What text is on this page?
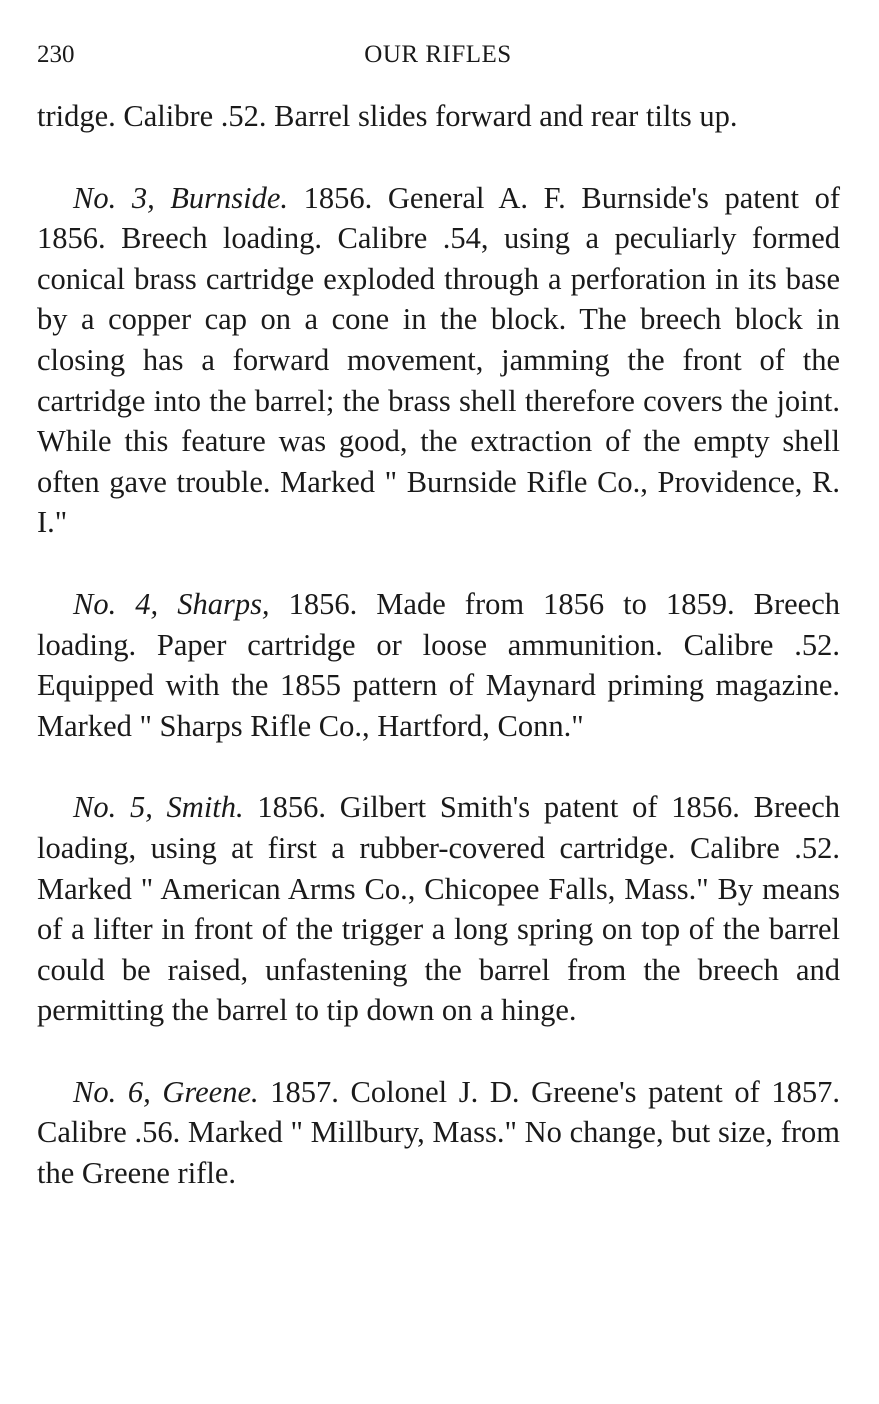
230	OUR RIFLES

tridge. Calibre .52. Barrel slides forward and rear tilts up.

No. 3, Burnside. 1856. General A. F. Burnside's patent of 1856. Breech loading. Calibre .54, using a peculiarly formed conical brass cartridge exploded through a perforation in its base by a copper cap on a cone in the block. The breech block in closing has a forward movement, jamming the front of the cartridge into the barrel; the brass shell therefore covers the joint. While this feature was good, the extraction of the empty shell often gave trouble. Marked " Burnside Rifle Co., Providence, R. I."

No. 4, Sharps, 1856. Made from 1856 to 1859. Breech loading. Paper cartridge or loose ammunition. Calibre .52. Equipped with the 1855 pattern of Maynard priming magazine. Marked " Sharps Rifle Co., Hartford, Conn."

No. 5, Smith. 1856. Gilbert Smith's patent of 1856. Breech loading, using at first a rubber-covered cartridge. Calibre .52. Marked " American Arms Co., Chicopee Falls, Mass." By means of a lifter in front of the trigger a long spring on top of the barrel could be raised, unfastening the barrel from the breech and permitting the barrel to tip down on a hinge.

No. 6, Greene. 1857. Colonel J. D. Greene's patent of 1857. Calibre .56. Marked " Millbury, Mass." No change, but size, from the Greene rifle.
